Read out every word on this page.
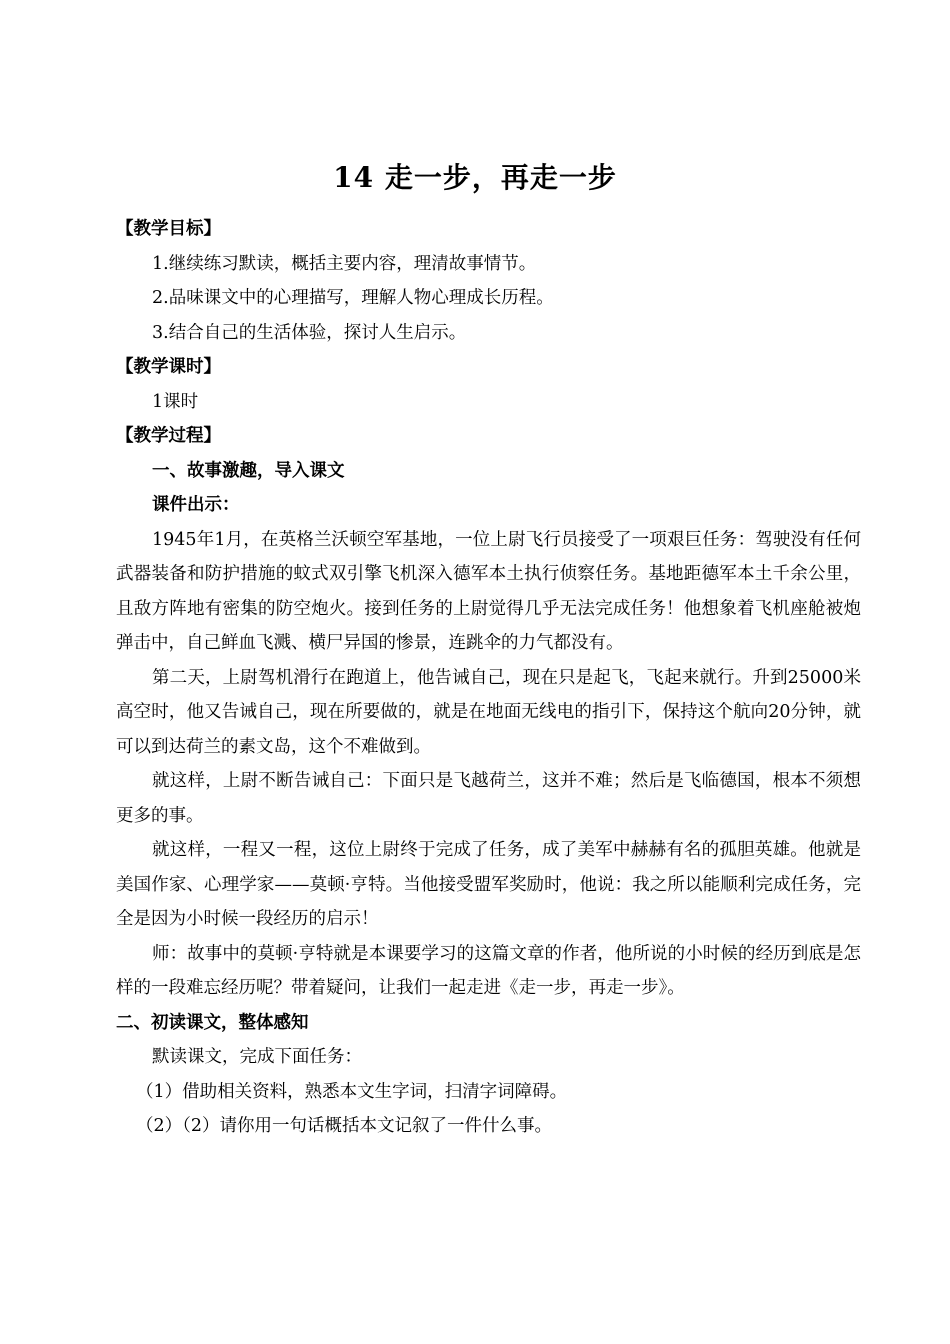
14 走一步，再走一步

【教学目标】

1.继续练习默读，概括主要内容，理清故事情节。

2.品味课文中的心理描写，理解人物心理成长历程。

3.结合自己的生活体验，探讨人生启示。

【教学课时】

1课时

【教学过程】

一、故事激趣，导入课文

课件出示：

1945年1月，在英格兰沃顿空军基地，一位上尉飞行员接受了一项艰巨任务：驾驶没有任何武器装备和防护措施的蚊式双引擎飞机深入德军本土执行侦察任务。基地距德军本土千余公里，且敌方阵地有密集的防空炮火。接到任务的上尉觉得几乎无法完成任务！他想象着飞机座舱被炮弹击中，自己鲜血飞溅、横尸异国的惨景，连跳伞的力气都没有。

第二天，上尉驾机滑行在跑道上，他告诫自己，现在只是起飞，飞起来就行。升到25000米高空时，他又告诫自己，现在所要做的，就是在地面无线电的指引下，保持这个航向20分钟，就可以到达荷兰的素文岛，这个不难做到。

就这样，上尉不断告诫自己：下面只是飞越荷兰，这并不难；然后是飞临德国，根本不须想更多的事。

就这样，一程又一程，这位上尉终于完成了任务，成了美军中赫赫有名的孤胆英雄。他就是美国作家、心理学家——莫顿·亨特。当他接受盟军奖励时，他说：我之所以能顺利完成任务，完全是因为小时候一段经历的启示！

师：故事中的莫顿·亨特就是本课要学习的这篇文章的作者，他所说的小时候的经历到底是怎样的一段难忘经历呢？带着疑问，让我们一起走进《走一步，再走一步》。

二、初读课文，整体感知

默读课文，完成下面任务：

（1）借助相关资料，熟悉本文生字词，扫清字词障碍。

（2）（2）请你用一句话概括本文记叙了一件什么事。
